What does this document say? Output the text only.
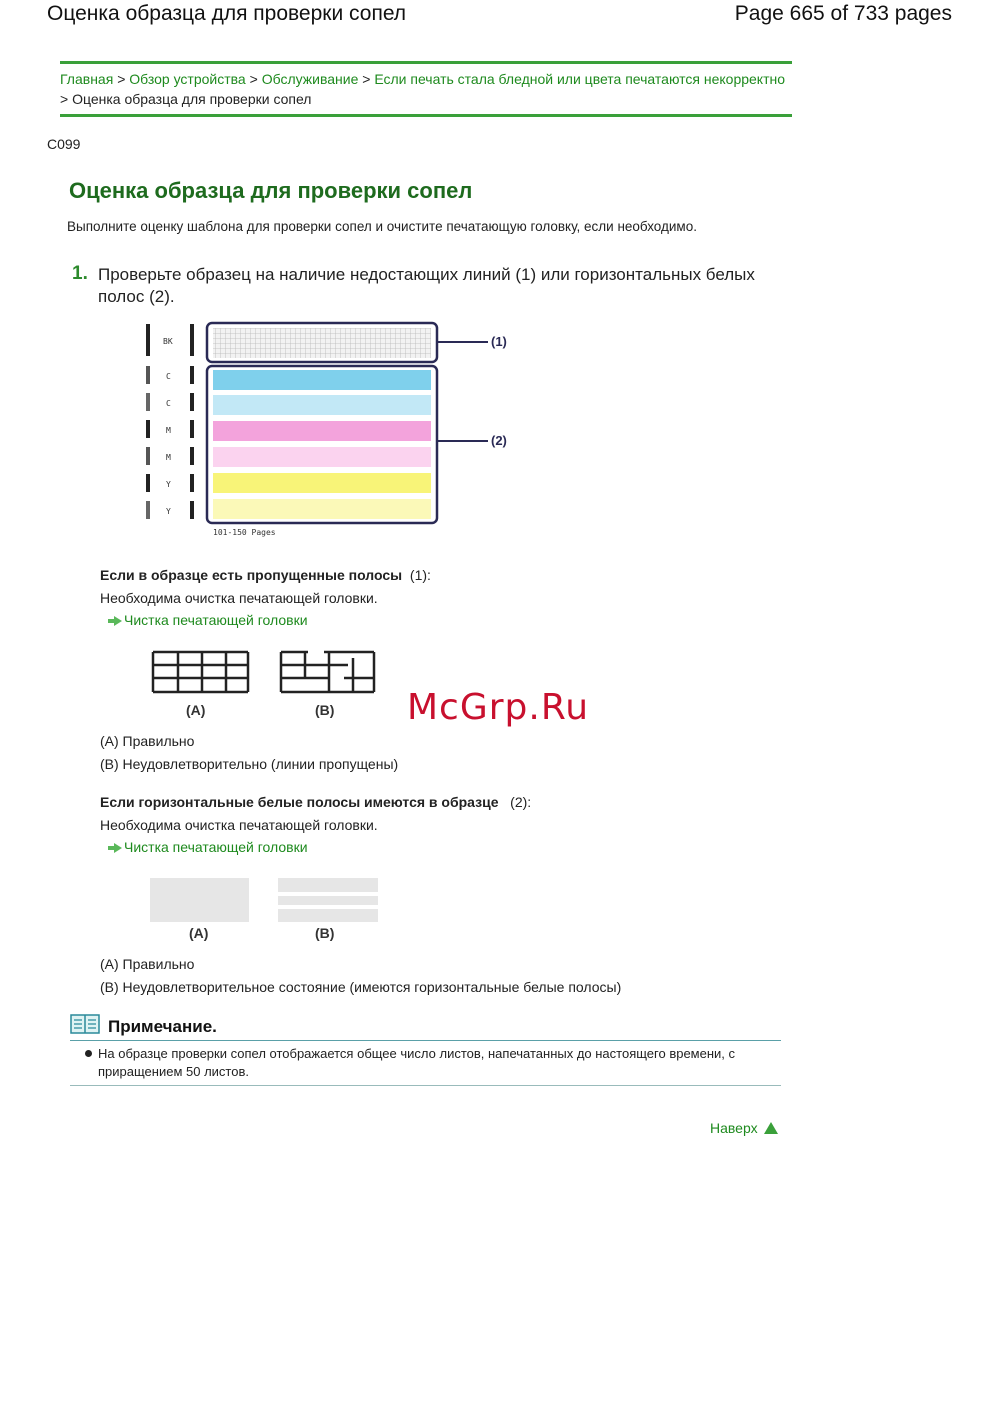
Оценка образца для проверки сопел	Page 665 of 733 pages
Главная > Обзор устройства > Обслуживание > Если печать стала бледной или цвета печатаются некорректно > Оценка образца для проверки сопел
C099
Оценка образца для проверки сопел
Выполните оценку шаблона для проверки сопел и очистите печатающую головку, если необходимо.
1. Проверьте образец на наличие недостающих линий (1) или горизонтальных белых полос (2).
BK
C
C
M
M
Y
Y
(1)
(2)
101-150 Pages
Если в образце есть пропущенные полосы (1):
Необходима очистка печатающей головки.
Чистка печатающей головки
(A)	(B) McGrp.Ru
(A) Правильно
(B) Неудовлетворительно (линии пропущены)
Если горизонтальные белые полосы имеются в образце (2):
Необходима очистка печатающей головки.
Чистка печатающей головки
(A)	(B)
(A) Правильно
(B) Неудовлетворительное состояние (имеются горизонтальные белые полосы)
Примечание.
На образце проверки сопел отображается общее число листов, напечатанных до настоящего времени, с приращением 50 листов.
Наверх
